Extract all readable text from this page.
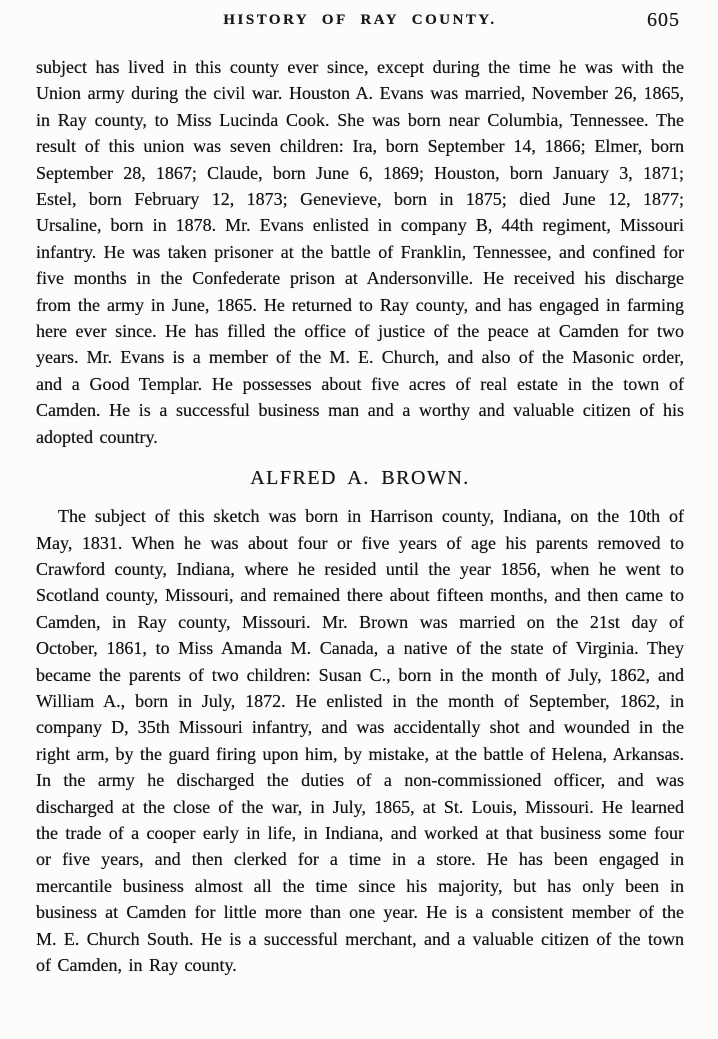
HISTORY OF RAY COUNTY.	605

subject has lived in this county ever since, except during the time he was with the Union army during the civil war. Houston A. Evans was married, November 26, 1865, in Ray county, to Miss Lucinda Cook. She was born near Columbia, Tennessee. The result of this union was seven children: Ira, born September 14, 1866; Elmer, born September 28, 1867; Claude, born June 6, 1869; Houston, born January 3, 1871; Estel, born February 12, 1873; Genevieve, born in 1875; died June 12, 1877; Ursaline, born in 1878. Mr. Evans enlisted in company B, 44th regiment, Missouri infantry. He was taken prisoner at the battle of Franklin, Tennessee, and confined for five months in the Confederate prison at Andersonville. He received his discharge from the army in June, 1865. He returned to Ray county, and has engaged in farming here ever since. He has filled the office of justice of the peace at Camden for two years. Mr. Evans is a member of the M. E. Church, and also of the Masonic order, and a Good Templar. He possesses about five acres of real estate in the town of Camden. He is a successful business man and a worthy and valuable citizen of his adopted country.

ALFRED A. BROWN.

The subject of this sketch was born in Harrison county, Indiana, on the 10th of May, 1831. When he was about four or five years of age his parents removed to Crawford county, Indiana, where he resided until the year 1856, when he went to Scotland county, Missouri, and remained there about fifteen months, and then came to Camden, in Ray county, Missouri. Mr. Brown was married on the 21st day of October, 1861, to Miss Amanda M. Canada, a native of the state of Virginia. They became the parents of two children: Susan C., born in the month of July, 1862, and William A., born in July, 1872. He enlisted in the month of September, 1862, in company D, 35th Missouri infantry, and was accidentally shot and wounded in the right arm, by the guard firing upon him, by mistake, at the battle of Helena, Arkansas. In the army he discharged the duties of a non-commissioned officer, and was discharged at the close of the war, in July, 1865, at St. Louis, Missouri. He learned the trade of a cooper early in life, in Indiana, and worked at that business some four or five years, and then clerked for a time in a store. He has been engaged in mercantile business almost all the time since his majority, but has only been in business at Camden for little more than one year. He is a consistent member of the M. E. Church South. He is a successful merchant, and a valuable citizen of the town of Camden, in Ray county.
